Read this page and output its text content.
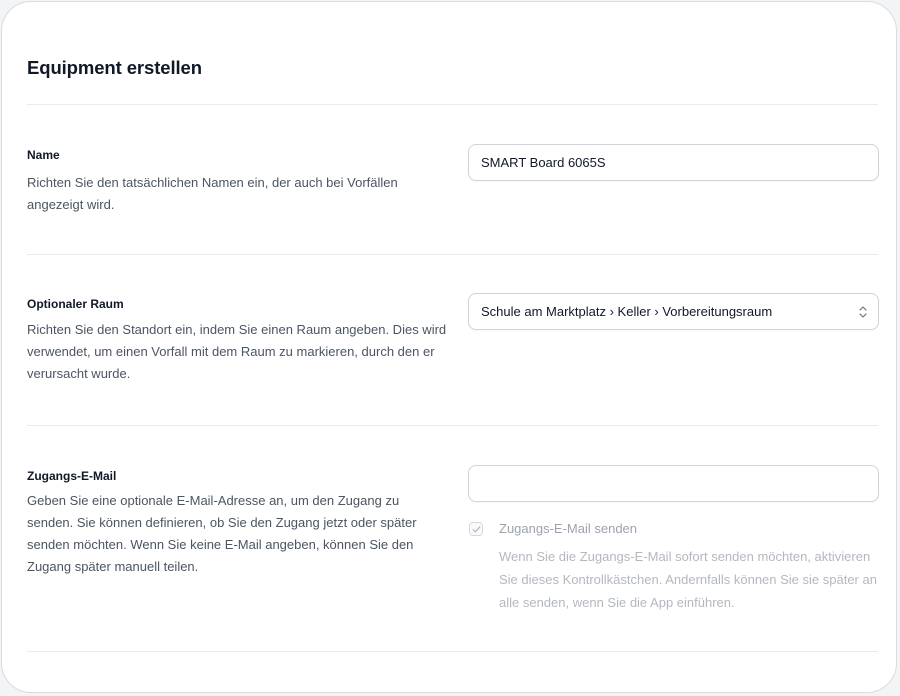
Equipment erstellen
Name
Richten Sie den tatsächlichen Namen ein, der auch bei Vorfällen angezeigt wird.
SMART Board 6065S
Optionaler Raum
Richten Sie den Standort ein, indem Sie einen Raum angeben. Dies wird verwendet, um einen Vorfall mit dem Raum zu markieren, durch den er verursacht wurde.
Schule am Marktplatz › Keller › Vorbereitungsraum
Zugangs-E-Mail
Geben Sie eine optionale E-Mail-Adresse an, um den Zugang zu senden. Sie können definieren, ob Sie den Zugang jetzt oder später senden möchten. Wenn Sie keine E-Mail angeben, können Sie den Zugang später manuell teilen.
Zugangs-E-Mail senden
Wenn Sie die Zugangs-E-Mail sofort senden möchten, aktivieren Sie dieses Kontrollkästchen. Andernfalls können Sie sie später an alle senden, wenn Sie die App einführen.
